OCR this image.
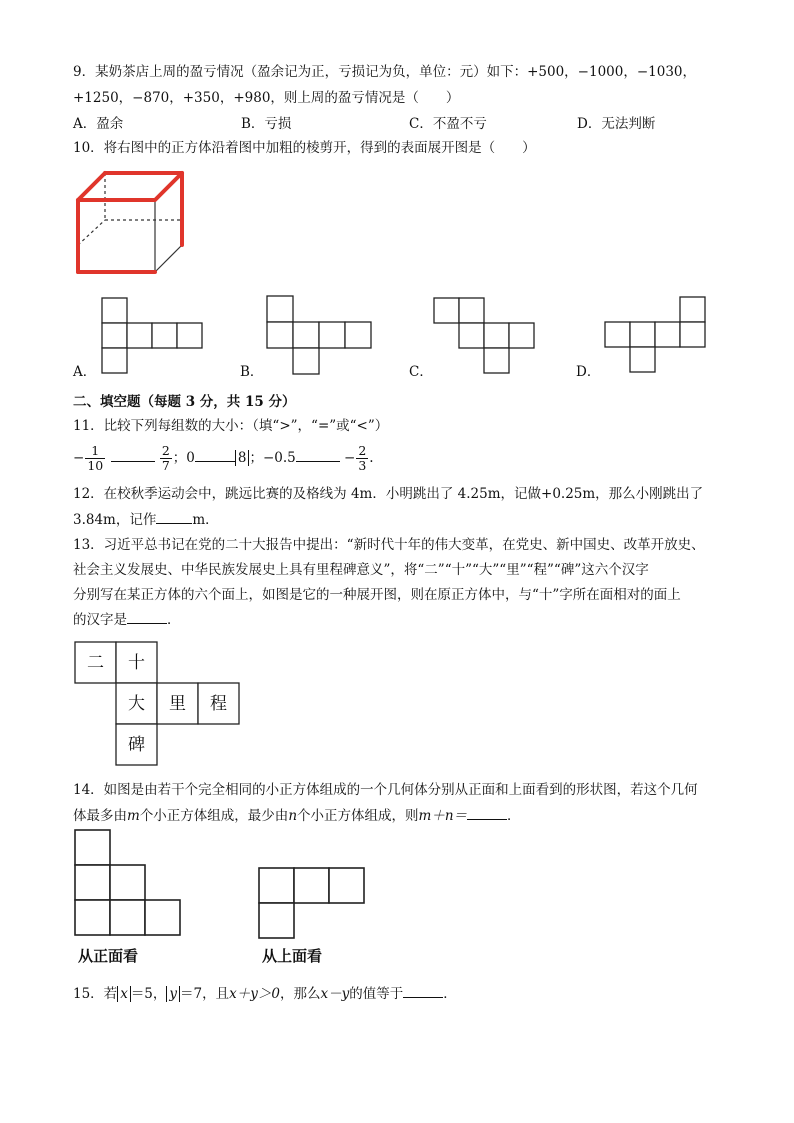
9．某奶茶店上周的盈亏情况（盈余记为正，亏损记为负，单位：元）如下：+500，−1000，−1030，
+1250，−870，+350，+980，则上周的盈亏情况是（　　）
A．盈余	B．亏损	C．不盈不亏	D．无法判断
10．将右图中的正方体沿着图中加粗的棱剪开，得到的表面展开图是（　　）
A．	B．	C．	D．
二、填空题（每题 3 分，共 15 分）
11．比较下列每组数的大小：（填“>”，“=”或“<”）
− $\frac{1}{10}$
	$\frac{2}{7}$ ；0	8 ；−0.5	− $\frac{2}{3}$ .
12．在校秋季运动会中，跳远比赛的及格线为 4m．小明跳出了 4.25m，记做+0.25m，那么小刚跳出了
3.84m，记作	m．
13．习近平总书记在党的二十大报告中提出：“新时代十年的伟大变革，在党史、新中国史、改革开放史、
社会主义发展史、中华民族发展史上具有里程碑意义”，将“二”“十”“大”“里”“程”“碑”这六个汉字
分别写在某正方体的六个面上，如图是它的一种展开图，则在原正方体中，与“十”字所在面相对的面上
的汉字是	．
二 十
大 里 程
碑
14．如图是由若干个完全相同的小正方体组成的一个几何体分别从正面和上面看到的形状图，若这个几何
体最多由m个小正方体组成，最少由n个小正方体组成，则m＋n＝	．
从正面看	从上面看
15．若 x ＝5， y ＝7，且x＋y＞0，那么x－y的值等于	．
